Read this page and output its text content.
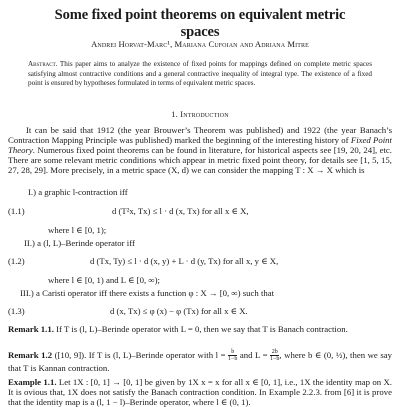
Some fixed point theorems on equivalent metric spaces
Andrei Horvat-Marc¹, Mariana Cufoian and Adriana Mitre
Abstract. This paper aims to analyze the existence of fixed points for mappings defined on complete metric spaces satisfying almost contractive conditions and a general contractive inequality of integral type. The existence of a fixed point is ensured by hypotheses formulated in terms of equivalent metric spaces.
1. Introduction
It can be said that 1912 (the year Brouwer’s Theorem was published) and 1922 (the year Banach’s Contraction Mapping Principle was published) marked the beginning of the interesting history of Fixed Point Theory. Numerous fixed point theorems can be found in literature, for historical aspects see [19, 20, 24], etc. There are some relevant metric conditions which appear in metric fixed point theory, for details see [1, 5, 15, 27, 28, 29]. More precisely, in a metric space (X, d) we can consider the mapping T : X → X which is
I.) a graphic l-contraction iff
(1.1)	d (T²x, Tx) ≤ l · d (x, Tx) for all x ∈ X,
where l ∈ [0, 1);
II.) a (l, L)–Berinde operator iff
(1.2)	d (Tx, Ty) ≤ l · d (x, y) + L · d (y, Tx) for all x, y ∈ X,
where l ∈ [0, 1) and L ∈ [0, ∞);
III.) a Caristi operator iff there exists a function φ : X → [0, ∞) such that
(1.3)	d (x, Tx) ≤ φ (x) − φ (Tx) for all x ∈ X.
Remark 1.1. If T is (l, L)–Berinde operator with L = 0, then we say that T is Banach contraction.
Remark 1.2 ([10, 9]). If T is (l, L)–Berinde operator with $l = \frac{b}{1-b}$ and $L = \frac{2b}{1-b}$ , where b ∈ (0, ½), then we say that T is Kannan contraction.
Example 1.1. Let 1X : [0, 1] → [0, 1] be given by 1X x = x for all x ∈ [0, 1], i.e., 1X the identity map on X. It is ovious that, 1X does not satisfy the Banach contraction condition. In Example 2.2.3. from [6] it is prove that the identity map is a (l, 1 − l)–Berinde operator, where l ∈ (0, 1).
